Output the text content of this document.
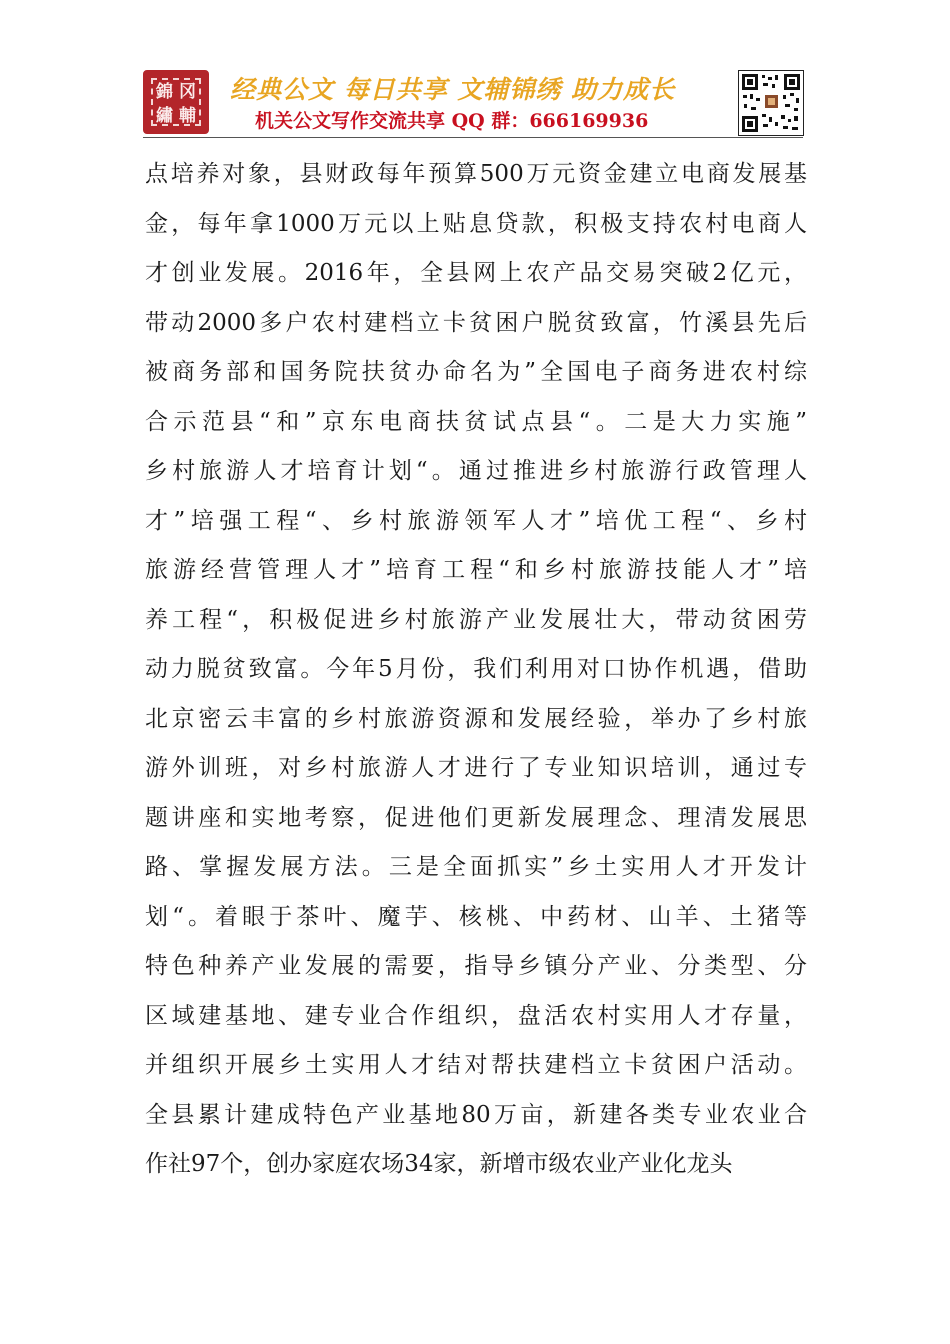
錦 冈
繡 輔
经典公文 每日共享 文辅锦绣 助力成长
机关公文写作交流共享 QQ 群：666169936
点培养对象，县财政每年预算500万元资金建立电商发展基
金，每年拿1000万元以上贴息贷款，积极支持农村电商人
才创业发展。2016年，全县网上农产品交易突破2亿元，
带动2000多户农村建档立卡贫困户脱贫致富，竹溪县先后
被商务部和国务院扶贫办命名为”全国电子商务进农村综
合示范县“和”京东电商扶贫试点县“。二是大力实施”
乡村旅游人才培育计划“。通过推进乡村旅游行政管理人
才”培强工程“、乡村旅游领军人才”培优工程“、乡村
旅游经营管理人才”培育工程“和乡村旅游技能人才”培
养工程“，积极促进乡村旅游产业发展壮大，带动贫困劳
动力脱贫致富。今年5月份，我们利用对口协作机遇，借助
北京密云丰富的乡村旅游资源和发展经验，举办了乡村旅
游外训班，对乡村旅游人才进行了专业知识培训，通过专
题讲座和实地考察，促进他们更新发展理念、理清发展思
路、掌握发展方法。三是全面抓实”乡土实用人才开发计
划“。着眼于茶叶、魔芋、核桃、中药材、山羊、土猪等
特色种养产业发展的需要，指导乡镇分产业、分类型、分
区域建基地、建专业合作组织，盘活农村实用人才存量，
并组织开展乡土实用人才结对帮扶建档立卡贫困户活动。
全县累计建成特色产业基地80万亩，新建各类专业农业合
作社97个，创办家庭农场34家，新增市级农业产业化龙头
